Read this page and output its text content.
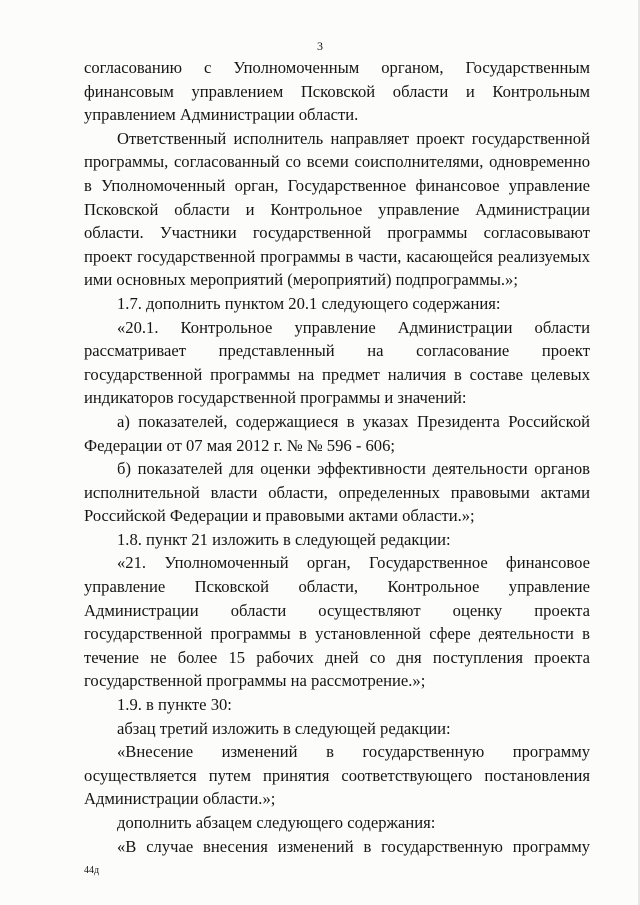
3
согласованию с Уполномоченным органом, Государственным
финансовым управлением Псковской области и Контрольным

управлением Администрации области.

Ответственный исполнитель направляет проект государственной программы, согласованный со всеми соисполнителями, одновременно в Уполномоченный орган, Государственное финансовое управление Псковской области и Контрольное управление Администрации области. Участники государственной программы согласовывают проект государственной программы в части, касающейся реализуемых ими основных мероприятий (мероприятий) подпрограммы.»;

1.7. дополнить пунктом 20.1 следующего содержания:

«20.1. Контрольное управление Администрации области рассматривает представленный на согласование проект государственной программы на предмет наличия в составе целевых индикаторов государственной программы и значений:

а) показателей, содержащиеся в указах Президента Российской Федерации от 07 мая 2012 г. № № 596 - 606;

б) показателей для оценки эффективности деятельности органов исполнительной власти области, определенных правовыми актами Российской Федерации и правовыми актами области.»;

1.8. пункт 21 изложить в следующей редакции:

«21. Уполномоченный орган, Государственное финансовое управление Псковской области, Контрольное управление Администрации области осуществляют оценку проекта государственной программы в установленной сфере деятельности в течение не более 15 рабочих дней со дня поступления проекта государственной программы на рассмотрение.»;

1.9. в пункте 30:

абзац третий изложить в следующей редакции:

«Внесение изменений в государственную программу осуществляется путем принятия соответствующего постановления Администрации области.»;

дополнить абзацем следующего содержания:

«В случае внесения изменений в государственную программу

44д
